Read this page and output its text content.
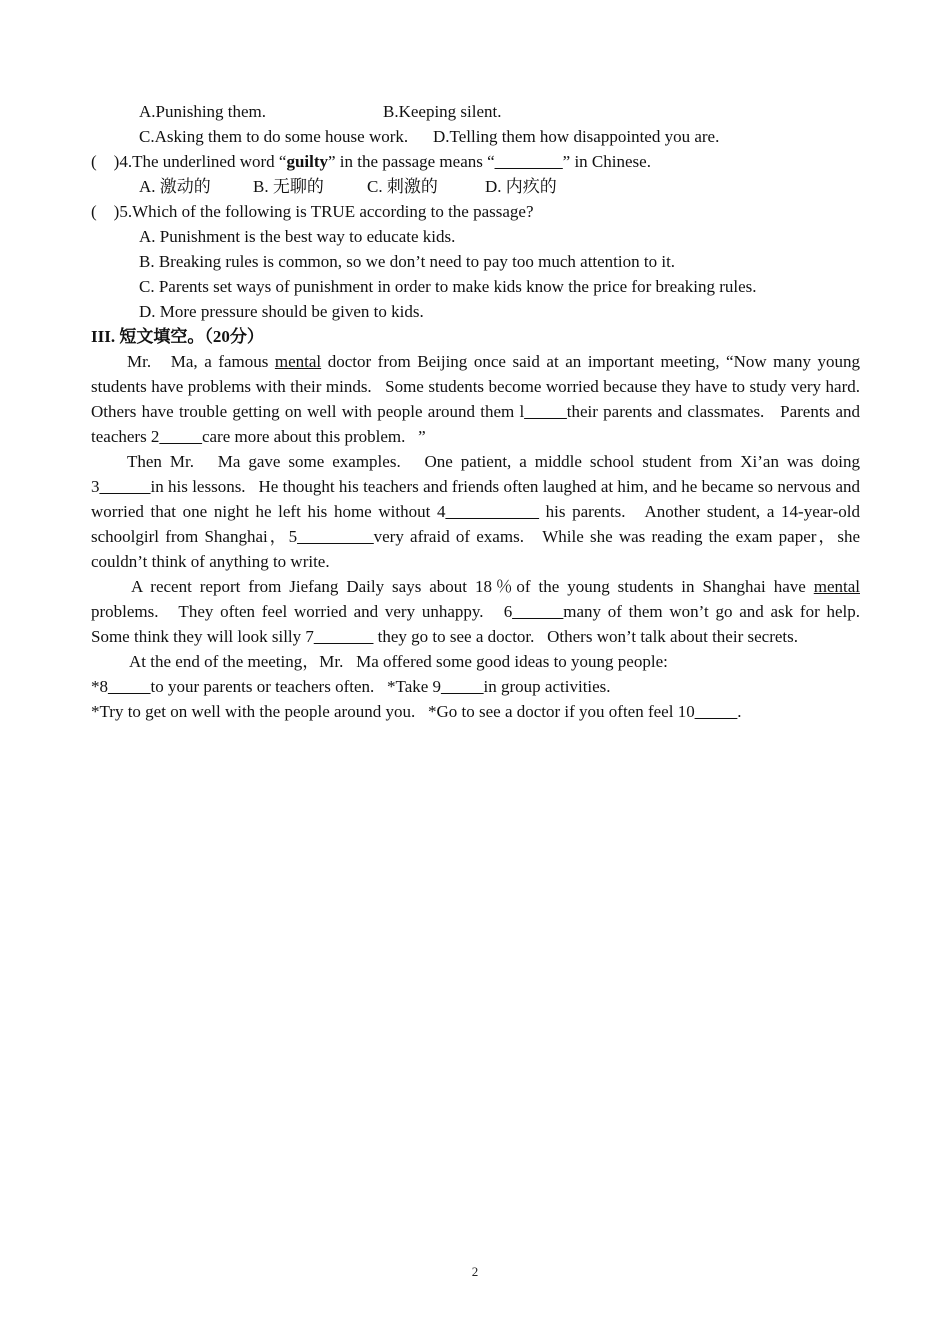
A.Punishing them.	B.Keeping silent.
C.Asking them to do some house work. D.Telling them how disappointed you are.
(    )4.The underlined word “guilty” in the passage means “________” in Chinese.
A. 激动的 B. 无聊的	C. 刺激的	D. 内疚的
(    )5.Which of the following is TRUE according to the passage?
A. Punishment is the best way to educate kids.
B. Breaking rules is common, so we don’t need to pay too much attention to it.
C. Parents set ways of punishment in order to make kids know the price for breaking rules.
D. More pressure should be given to kids.
III. 短文填空。（20分）
Mr.   Ma, a famous mental doctor from Beijing once said at an important meeting, “Now many young students have problems with their minds.   Some students become worried because they have to study very hard.   Others have trouble getting on well with people around them l_____their parents and classmates.   Parents and teachers 2_____care more about this problem.   ”
Then Mr.   Ma gave some examples.   One patient, a middle school student from Xi’an was doing 3______in his lessons.   He thought his teachers and friends often laughed at him, and he became so nervous and worried that one night he left his home without 4___________ his parents.   Another student, a 14-year-old schoolgirl from Shanghai，5_________very afraid of exams.   While she was reading the exam paper，she couldn’t think of anything to write.
A recent report from Jiefang Daily says about 18％of the young students in Shanghai have mental problems.   They often feel worried and very unhappy.   6______many of them won’t go and ask for help.   Some think they will look silly 7_______ they go to see a doctor.   Others won’t talk about their secrets.
At the end of the meeting，Mr.   Ma offered some good ideas to young people:
*8_____to your parents or teachers often.   *Take 9_____in group activities.
*Try to get on well with the people around you.   *Go to see a doctor if you often feel 10_____.
2
